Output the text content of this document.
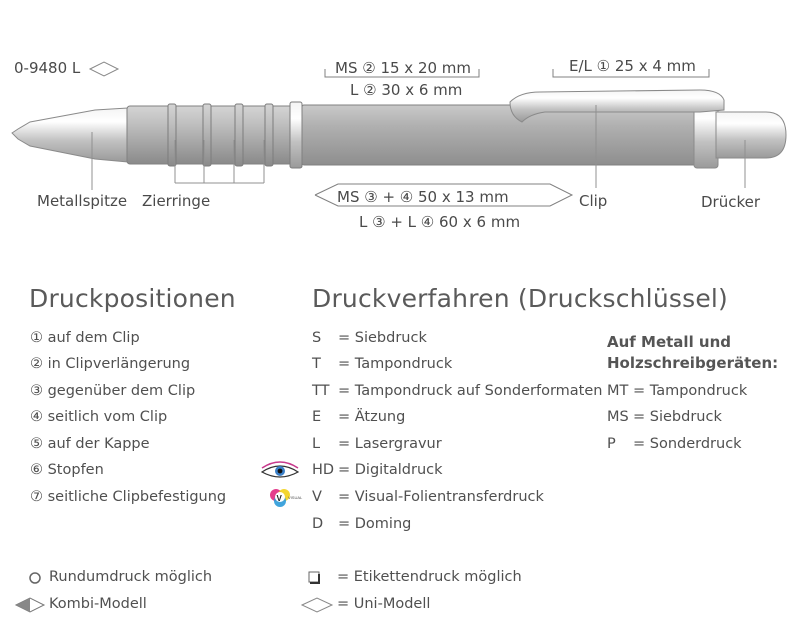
V VISUAL
0-9480 L	MS ② 15 x 20 mm
L ② 30 x 6 mm
E/L ① 25 x 4 mm
MS ③ + ④ 50 x 13 mm
L ③ + L ④ 60 x 6 mm
Metallspitze Zierringe	Clip	Drücker
Druckpositionen
① auf dem Clip
② in Clipverlängerung
③ gegenüber dem Clip
④ seitlich vom Clip
⑤ auf der Kappe
⑥ Stopfen
⑦ seitliche Clipbefestigung
Druckverfahren (Druckschlüssel)
S = Siebdruck
T = Tampondruck
TT = Tampondruck auf Sonderformaten
E = Ätzung
L = Lasergravur
HD = Digitaldruck
V = Visual-Folientransferdruck
D = Doming
Auf Metall und
Holzschreibgeräten:
MT = Tampondruck
MS = Siebdruck
P = Sonderdruck
Rundumdruck möglich
Kombi-Modell
= Etikettendruck möglich
= Uni-Modell
